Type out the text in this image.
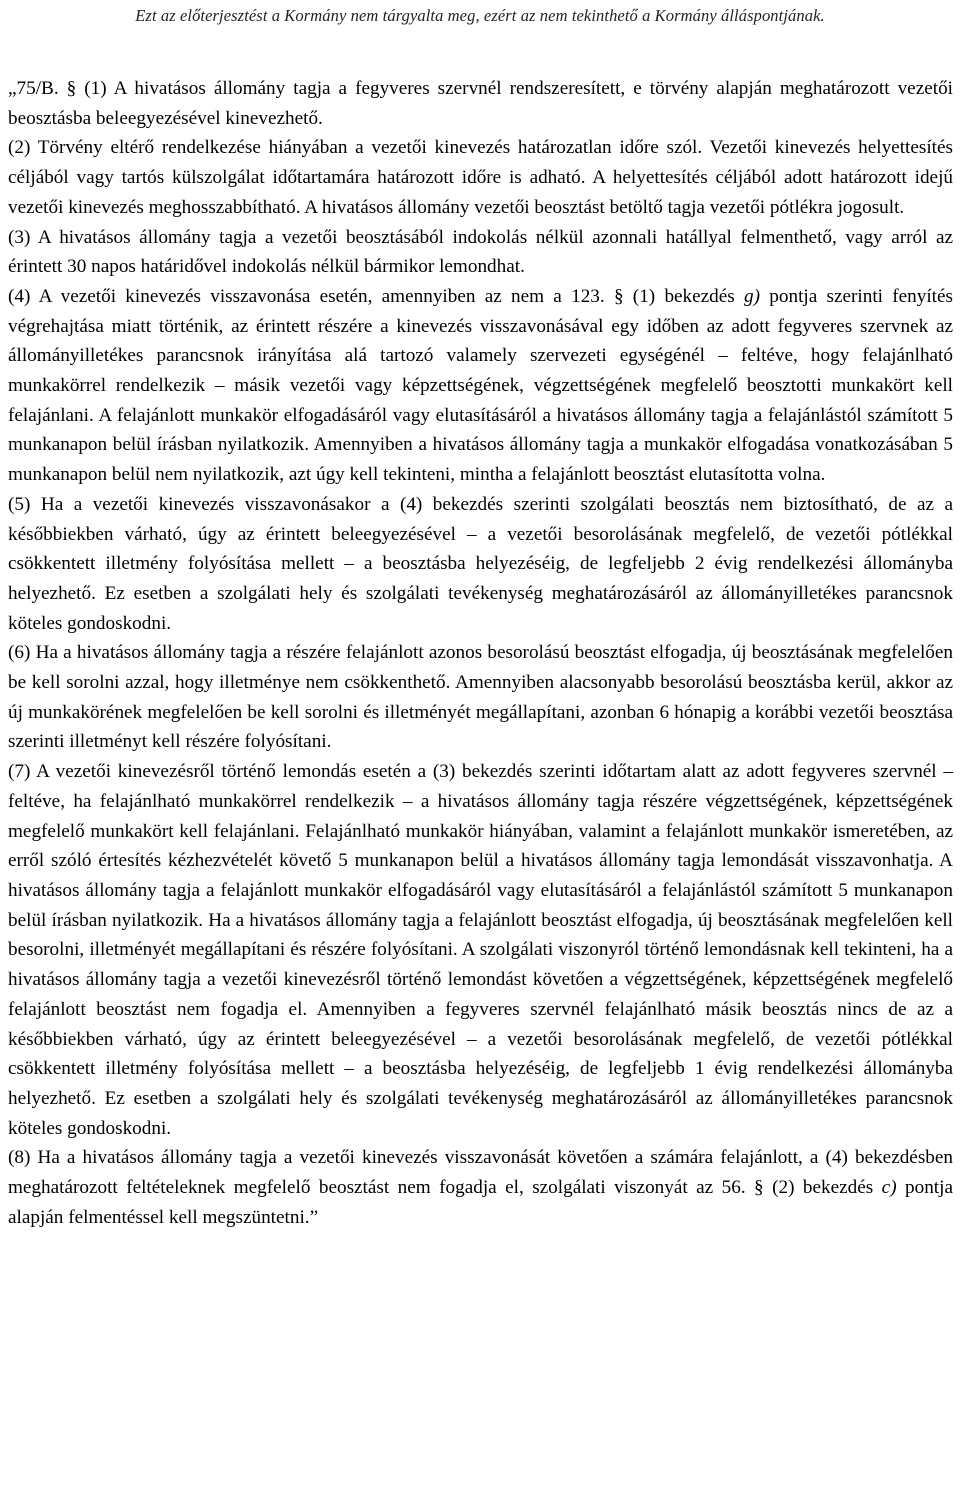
Ezt az előterjesztést a Kormány nem tárgyalta meg, ezért az nem tekinthető a Kormány álláspontjának.

„75/B. § (1) A hivatásos állomány tagja a fegyveres szervnél rendszeresített, e törvény alapján meghatározott vezetői beosztásba beleegyezésével kinevezhető.

(2) Törvény eltérő rendelkezése hiányában a vezetői kinevezés határozatlan időre szól. Vezetői kinevezés helyettesítés céljából vagy tartós külszolgálat időtartamára határozott időre is adható. A helyettesítés céljából adott határozott idejű vezetői kinevezés meghosszabbítható. A hivatásos állomány vezetői beosztást betöltő tagja vezetői pótlékra jogosult.

(3) A hivatásos állomány tagja a vezetői beosztásából indokolás nélkül azonnali hatállyal felmenthető, vagy arról az érintett 30 napos határidővel indokolás nélkül bármikor lemondhat.

(4) A vezetői kinevezés visszavonása esetén, amennyiben az nem a 123. § (1) bekezdés g) pontja szerinti fenyítés végrehajtása miatt történik, az érintett részére a kinevezés visszavonásával egy időben az adott fegyveres szervnek az állományilletékes parancsnok irányítása alá tartozó valamely szervezeti egységénél – feltéve, hogy felajánlható munkakörrel rendelkezik – másik vezetői vagy képzettségének, végzettségének megfelelő beosztotti munkakört kell felajánlani. A felajánlott munkakör elfogadásáról vagy elutasításáról a hivatásos állomány tagja a felajánlástól számított 5 munkanapon belül írásban nyilatkozik. Amennyiben a hivatásos állomány tagja a munkakör elfogadása vonatkozásában 5 munkanapon belül nem nyilatkozik, azt úgy kell tekinteni, mintha a felajánlott beosztást elutasította volna.

(5) Ha a vezetői kinevezés visszavonásakor a (4) bekezdés szerinti szolgálati beosztás nem biztosítható, de az a későbbiekben várható, úgy az érintett beleegyezésével – a vezetői besorolásának megfelelő, de vezetői pótlékkal csökkentett illetmény folyósítása mellett – a beosztásba helyezéséig, de legfeljebb 2 évig rendelkezési állományba helyezhető. Ez esetben a szolgálati hely és szolgálati tevékenység meghatározásáról az állományilletékes parancsnok köteles gondoskodni.

(6) Ha a hivatásos állomány tagja a részére felajánlott azonos besorolású beosztást elfogadja, új beosztásának megfelelően be kell sorolni azzal, hogy illetménye nem csökkenthető. Amennyiben alacsonyabb besorolású beosztásba kerül, akkor az új munkakörének megfelelően be kell sorolni és illetményét megállapítani, azonban 6 hónapig a korábbi vezetői beosztása szerinti illetményt kell részére folyósítani.

(7) A vezetői kinevezésről történő lemondás esetén a (3) bekezdés szerinti időtartam alatt az adott fegyveres szervnél – feltéve, ha felajánlható munkakörrel rendelkezik – a hivatásos állomány tagja részére végzettségének, képzettségének megfelelő munkakört kell felajánlani. Felajánlható munkakör hiányában, valamint a felajánlott munkakör ismeretében, az erről szóló értesítés kézhezvételét követő 5 munkanapon belül a hivatásos állomány tagja lemondását visszavonhatja. A hivatásos állomány tagja a felajánlott munkakör elfogadásáról vagy elutasításáról a felajánlástól számított 5 munkanapon belül írásban nyilatkozik. Ha a hivatásos állomány tagja a felajánlott beosztást elfogadja, új beosztásának megfelelően kell besorolni, illetményét megállapítani és részére folyósítani. A szolgálati viszonyról történő lemondásnak kell tekinteni, ha a hivatásos állomány tagja a vezetői kinevezésről történő lemondást követően a végzettségének, képzettségének megfelelő felajánlott beosztást nem fogadja el. Amennyiben a fegyveres szervnél felajánlható másik beosztás nincs de az a későbbiekben várható, úgy az érintett beleegyezésével – a vezetői besorolásának megfelelő, de vezetői pótlékkal csökkentett illetmény folyósítása mellett – a beosztásba helyezéséig, de legfeljebb 1 évig rendelkezési állományba helyezhető. Ez esetben a szolgálati hely és szolgálati tevékenység meghatározásáról az állományilletékes parancsnok köteles gondoskodni.

(8) Ha a hivatásos állomány tagja a vezetői kinevezés visszavonását követően a számára felajánlott, a (4) bekezdésben meghatározott feltételeknek megfelelő beosztást nem fogadja el, szolgálati viszonyát az 56. § (2) bekezdés c) pontja alapján felmentéssel kell megszüntetni.”
